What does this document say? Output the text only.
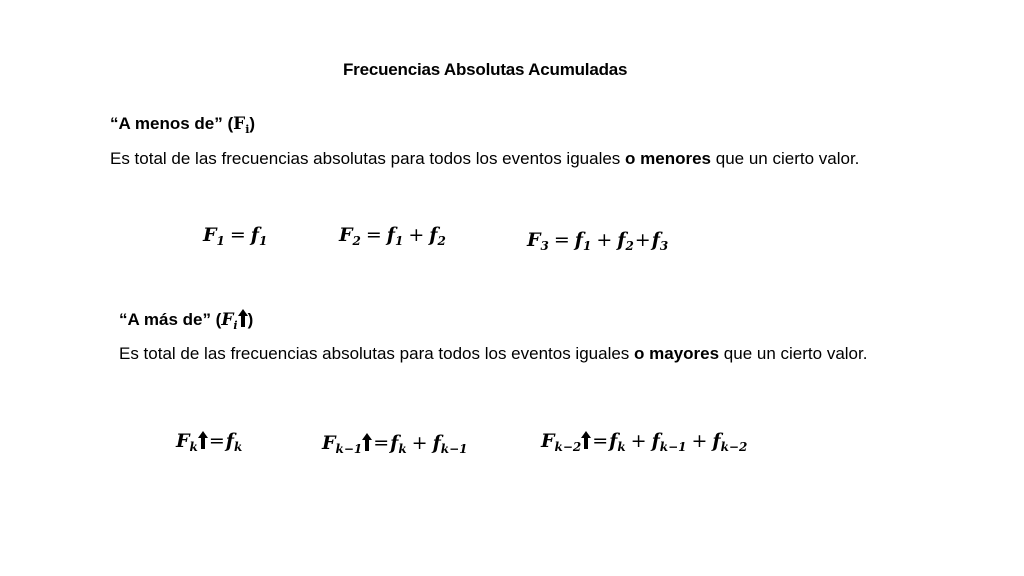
Frecuencias Absolutas Acumuladas
“A menos de” $(F_i)$
Es total de las frecuencias absolutas para todos los eventos iguales o menores que un cierto valor.
$F_1 = f_1$	$F_2 = f_1 + f_2$	$F_3 = f_1 + f_2+f_3$
“A más de” ($F_i$ )
Es total de las frecuencias absolutas para todos los eventos iguales o mayores que un cierto valor.
$F_k =f_k$	$F_{k-1} =f_k + f_{k-1}$	$F_{k-2} =f_k + f_{k-1} + f_{k-2}$
